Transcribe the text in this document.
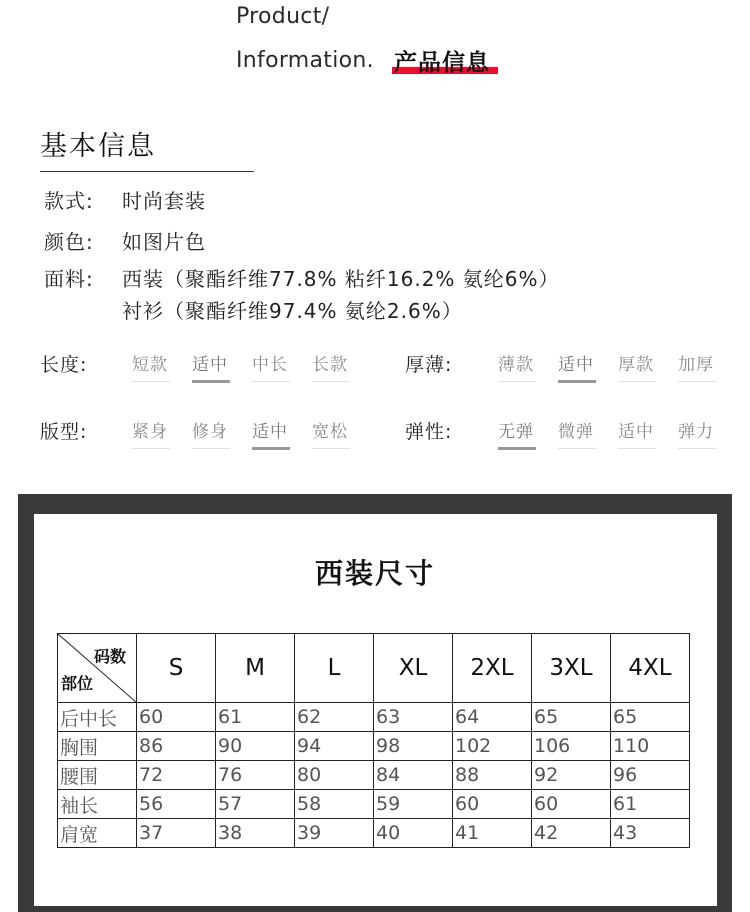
Product/
Information. 产品信息
基本信息
款式: 时尚套装
颜色: 如图片色
面料: 西装（聚酯纤维77.8% 粘纤16.2% 氨纶6%）
衬衫（聚酯纤维97.4% 氨纶2.6%）
长度:	短款	适中	中长	长款	厚薄:	薄款	适中	厚款	加厚
版型:	紧身	修身	适中	宽松	弹性:	无弹	微弹	适中	弹力
西装尺寸
码数
部位	S	M	L	XL	2XL	3XL	4XL
后中长	60	61	62	63	64	65	65
胸围	86	90	94	98	102	106	110
腰围	72	76	80	84	88	92	96
袖长	56	57	58	59	60	60	61
肩宽	37	38	39	40	41	42	43
